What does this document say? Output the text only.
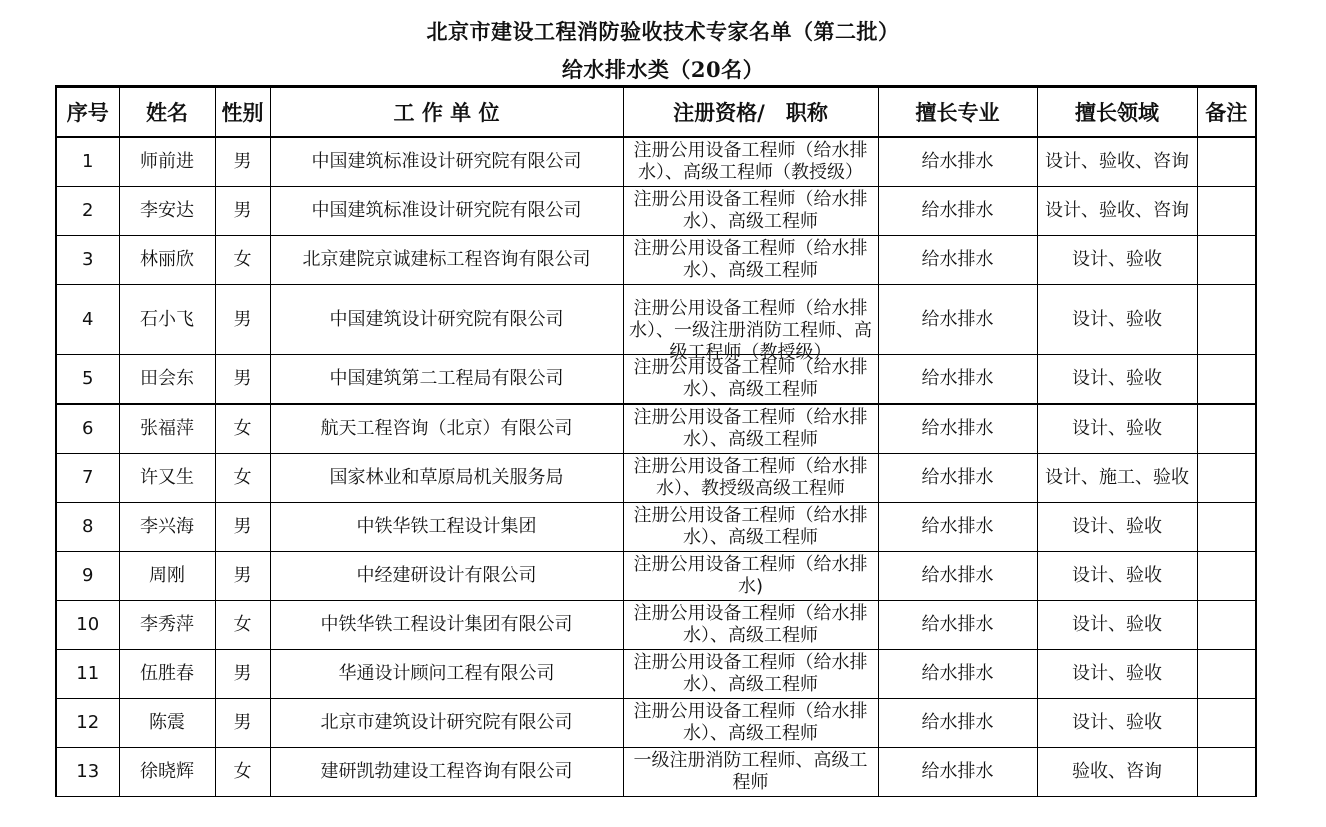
北京市建设工程消防验收技术专家名单（第二批）
给水排水类（20名）
序号	姓名	性别	工 作 单 位	注册资格/　职称	擅长专业	擅长领域	备注
1	师前进	男	中国建筑标准设计研究院有限公司	注册公用设备工程师（给水排水）、高级工程师（教授级）	给水排水	设计、验收、咨询	
2	李安达	男	中国建筑标准设计研究院有限公司	注册公用设备工程师（给水排水）、高级工程师	给水排水	设计、验收、咨询	
3	林丽欣	女	北京建院京诚建标工程咨询有限公司	注册公用设备工程师（给水排水）、高级工程师	给水排水	设计、验收	
4	石小飞	男	中国建筑设计研究院有限公司	注册公用设备工程师（给水排水）、一级注册消防工程师、高级工程师（教授级）	给水排水	设计、验收	
5	田会东	男	中国建筑第二工程局有限公司	注册公用设备工程师（给水排水）、高级工程师	给水排水	设计、验收	
6	张福萍	女	航天工程咨询（北京）有限公司	注册公用设备工程师（给水排水）、高级工程师	给水排水	设计、验收	
7	许又生	女	国家林业和草原局机关服务局	注册公用设备工程师（给水排水）、教授级高级工程师	给水排水	设计、施工、验收	
8	李兴海	男	中铁华铁工程设计集团	注册公用设备工程师（给水排水）、高级工程师	给水排水	设计、验收	
9	周刚	男	中经建研设计有限公司	注册公用设备工程师（给水排水)	给水排水	设计、验收	
10	李秀萍	女	中铁华铁工程设计集团有限公司	注册公用设备工程师（给水排水）、高级工程师	给水排水	设计、验收	
11	伍胜春	男	华通设计顾问工程有限公司	注册公用设备工程师（给水排水）、高级工程师	给水排水	设计、验收	
12	陈震	男	北京市建筑设计研究院有限公司	注册公用设备工程师（给水排水）、高级工程师	给水排水	设计、验收	
13	徐晓辉	女	建研凯勃建设工程咨询有限公司	一级注册消防工程师、高级工程师	给水排水	验收、咨询	
